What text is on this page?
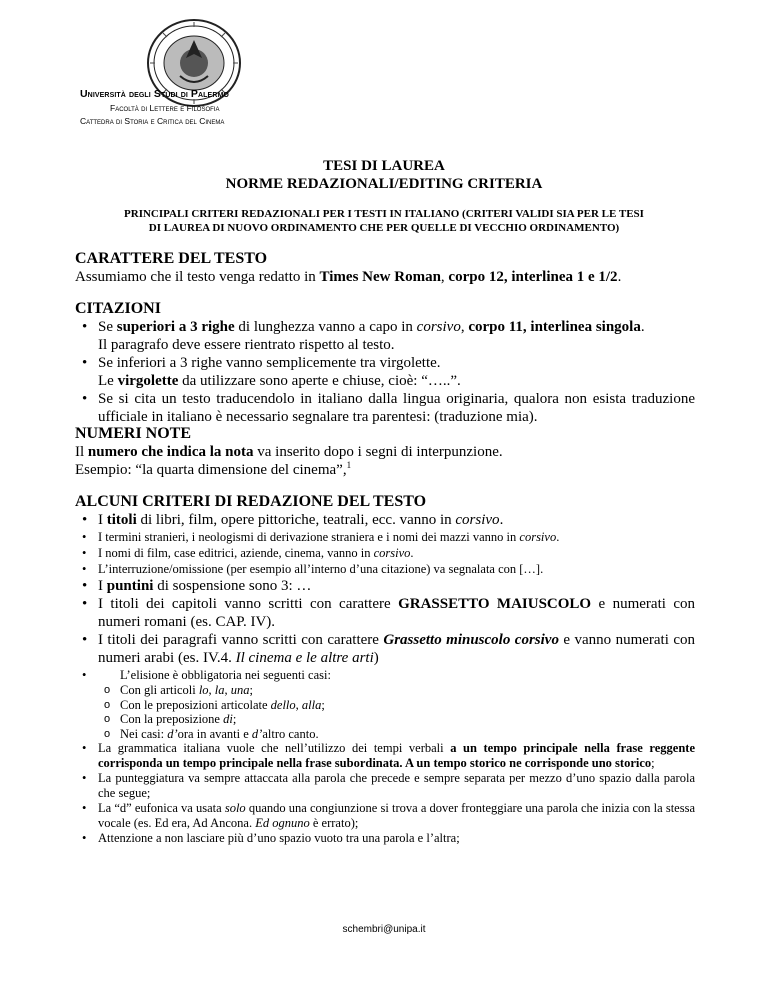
Università degli Studi di Palermo
Facoltà di Lettere e Filosofia
Cattedra di Storia e Critica del Cinema
TESI DI LAUREA
NORME REDAZIONALI/EDITING CRITERIA
PRINCIPALI CRITERI REDAZIONALI PER I TESTI IN ITALIANO (CRITERI VALIDI SIA PER LE TESI
DI LAUREA DI NUOVO ORDINAMENTO CHE PER QUELLE DI VECCHIO ORDINAMENTO)
CARATTERE DEL TESTO
Assumiamo che il testo venga redatto in Times New Roman, corpo 12, interlinea 1 e 1/2.
CITAZIONI
• Se superiori a 3 righe di lunghezza vanno a capo in corsivo, corpo 11, interlinea singola.
Il paragrafo deve essere rientrato rispetto al testo.
• Se inferiori a 3 righe vanno semplicemente tra virgolette.
Le virgolette da utilizzare sono aperte e chiuse, cioè: “…..”.
• Se si cita un testo traducendolo in italiano dalla lingua originaria, qualora non esista traduzione ufficiale in italiano è necessario segnalare tra parentesi: (traduzione mia).
NUMERI NOTE
Il numero che indica la nota va inserito dopo i segni di interpunzione.
Esempio: “la quarta dimensione del cinema”,$^1$
ALCUNI CRITERI DI REDAZIONE DEL TESTO
• I titoli di libri, film, opere pittoriche, teatrali, ecc. vanno in corsivo.
• I termini stranieri, i neologismi di derivazione straniera e i nomi dei mazzi vanno in corsivo.
• I nomi di film, case editrici, aziende, cinema, vanno in corsivo.
• L’interruzione/omissione (per esempio all’interno d’una citazione) va segnalata con […].
• I puntini di sospensione sono 3: …
• I titoli dei capitoli vanno scritti con carattere GRASSETTO MAIUSCOLO e numerati con numeri romani (es. CAP. IV).
• I titoli dei paragrafi vanno scritti con carattere Grassetto minuscolo corsivo e vanno numerati con numeri arabi (es. IV.4. Il cinema e le altre arti)
• L’elisione è obbligatoria nei seguenti casi:
o Con gli articoli lo, la, una;
o Con le preposizioni articolate dello, alla;
o Con la preposizione di;
o Nei casi: d’ora in avanti e d’altro canto.
• La grammatica italiana vuole che nell’utilizzo dei tempi verbali a un tempo principale nella frase reggente corrisponda un tempo principale nella frase subordinata. A un tempo storico ne corrisponde uno storico;
• La punteggiatura va sempre attaccata alla parola che precede e sempre separata per mezzo d’uno spazio dalla parola che segue;
• La “d” eufonica va usata solo quando una congiunzione si trova a dover fronteggiare una parola che inizia con la stessa vocale (es. Ed era, Ad Ancona. Ed ognuno è errato);
• Attenzione a non lasciare più d’uno spazio vuoto tra una parola e l’altra;
schembri@unipa.it
